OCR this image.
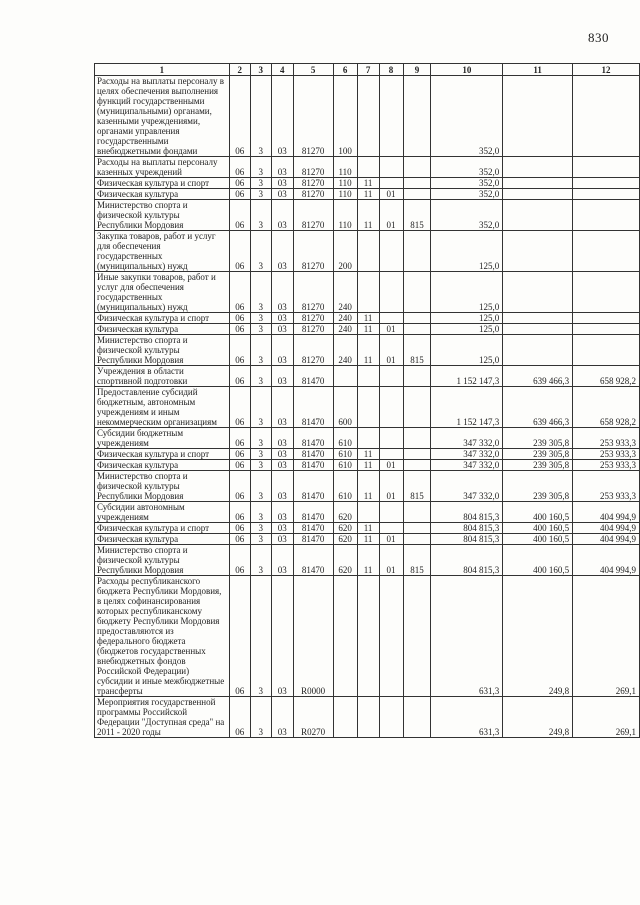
830
1	2	3	4	5	6	7	8	9	10	11	12
Расходы на выплаты персоналу в целях обеспечения выполнения функций государственными (муниципальными) органами, казенными учреждениями, органами управления государственными внебюджетными фондами	06	3	03	81270	100				352,0		
Расходы на выплаты персоналу казенных учреждений	06	3	03	81270	110				352,0		
Физическая культура и спорт	06	3	03	81270	110	11			352,0		
Физическая культура	06	3	03	81270	110	11	01		352,0		
Министерство спорта и физической культуры Республики Мордовия	06	3	03	81270	110	11	01	815	352,0		
Закупка товаров, работ и услуг для обеспечения государственных (муниципальных) нужд	06	3	03	81270	200				125,0		
Иные закупки товаров, работ и услуг для обеспечения государственных (муниципальных) нужд	06	3	03	81270	240				125,0		
Физическая культура и спорт	06	3	03	81270	240	11			125,0		
Физическая культура	06	3	03	81270	240	11	01		125,0		
Министерство спорта и физической культуры Республики Мордовия	06	3	03	81270	240	11	01	815	125,0		
Учреждения в области спортивной подготовки	06	3	03	81470					1 152 147,3	639 466,3	658 928,2
Предоставление субсидий бюджетным, автономным учреждениям и иным некоммерческим организациям	06	3	03	81470	600				1 152 147,3	639 466,3	658 928,2
Субсидии бюджетным учреждениям	06	3	03	81470	610				347 332,0	239 305,8	253 933,3
Физическая культура и спорт	06	3	03	81470	610	11			347 332,0	239 305,8	253 933,3
Физическая культура	06	3	03	81470	610	11	01		347 332,0	239 305,8	253 933,3
Министерство спорта и физической культуры Республики Мордовия	06	3	03	81470	610	11	01	815	347 332,0	239 305,8	253 933,3
Субсидии автономным учреждениям	06	3	03	81470	620				804 815,3	400 160,5	404 994,9
Физическая культура и спорт	06	3	03	81470	620	11			804 815,3	400 160,5	404 994,9
Физическая культура	06	3	03	81470	620	11	01		804 815,3	400 160,5	404 994,9
Министерство спорта и физической культуры Республики Мордовия	06	3	03	81470	620	11	01	815	804 815,3	400 160,5	404 994,9
Расходы республиканского бюджета Республики Мордовия, в целях софинансирования которых республиканскому бюджету Республики Мордовия предоставляются из федерального бюджета (бюджетов государственных внебюджетных фондов Российской Федерации) субсидии и иные межбюджетные трансферты	06	3	03	R0000					631,3	249,8	269,1
Мероприятия государственной программы Российской Федерации "Доступная среда" на 2011 - 2020 годы	06	3	03	R0270					631,3	249,8	269,1
